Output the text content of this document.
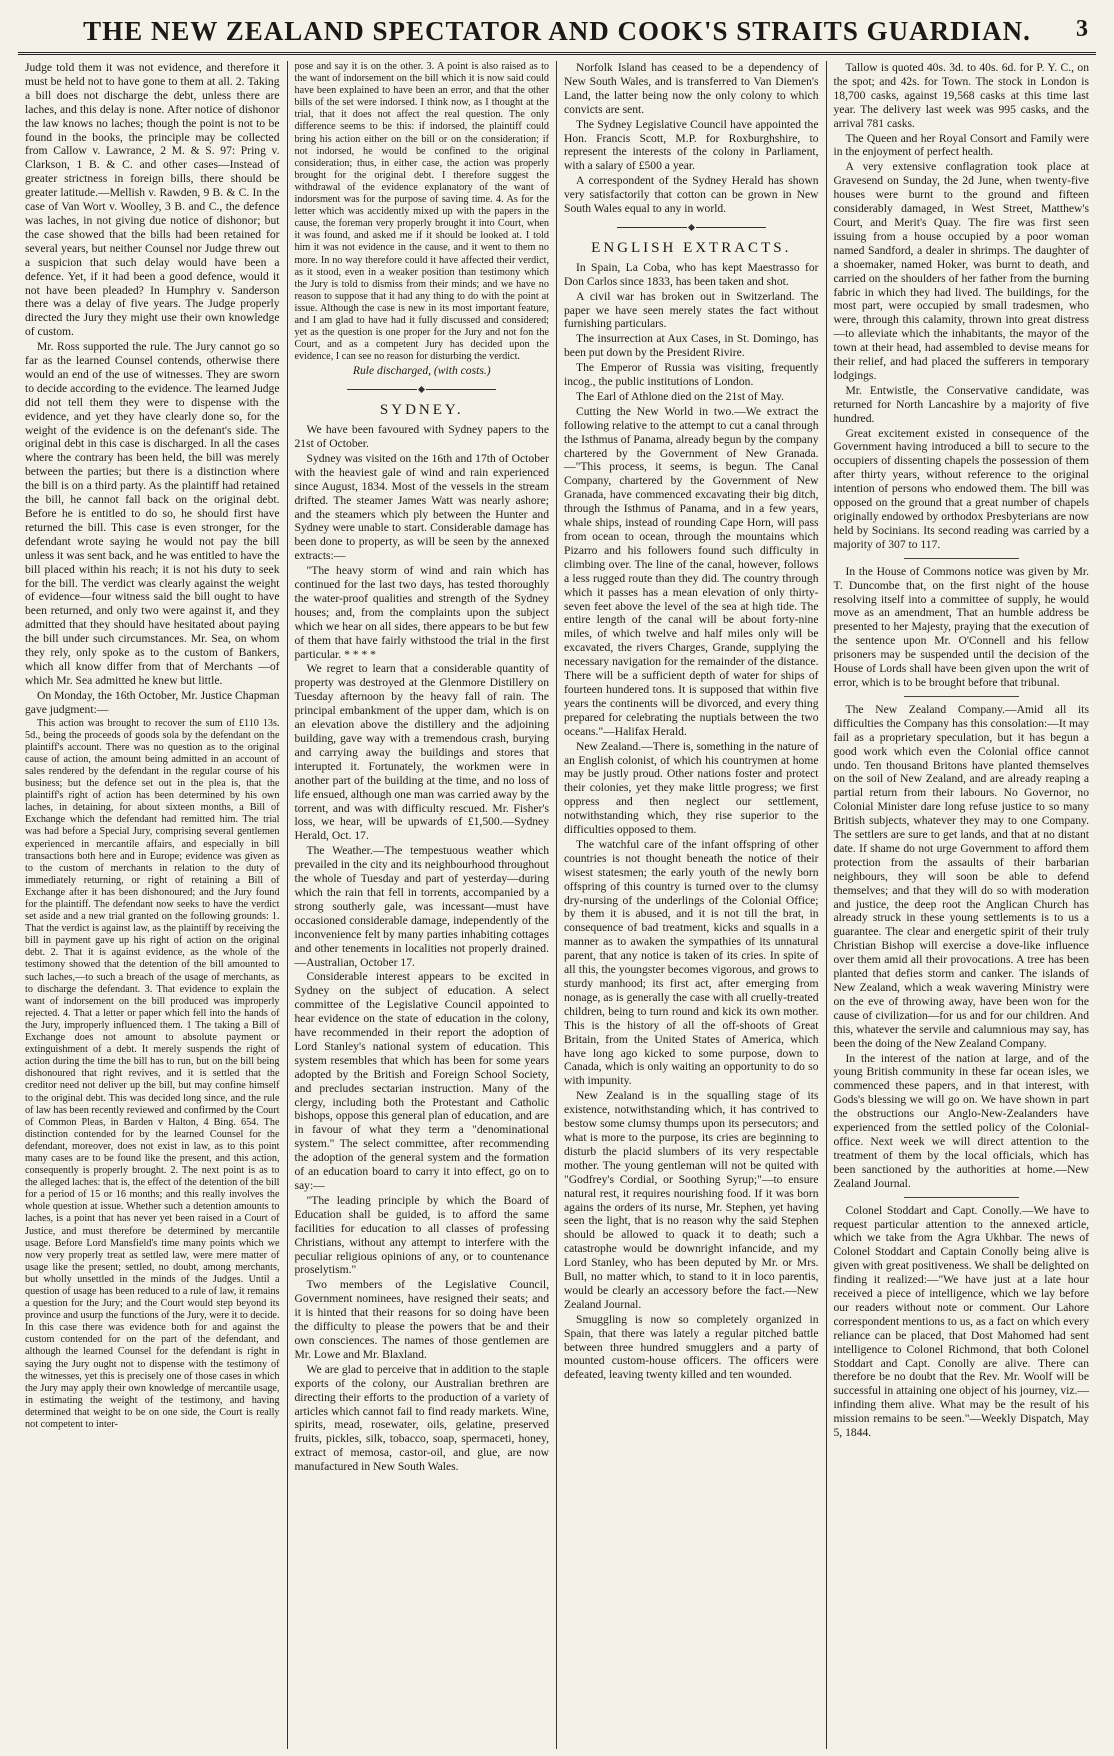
THE NEW ZEALAND SPECTATOR AND COOK'S STRAITS GUARDIAN. 3

Judge told them it was not evidence, and therefore it must be held not to have gone to them at all. 2. Taking a bill does not discharge the debt, unless there are laches, and this delay is none. After notice of dishonor the law knows no laches; though the point is not to be found in the books, the principle may be collected from Callow v. Lawrance, 2 M. & S. 97: Pring v. Clarkson, 1 B. & C. and other cases—Instead of greater strictness in foreign bills, there should be greater latitude.—Mellish v. Rawden, 9 B. & C. In the case of Van Wort v. Woolley, 3 B. and C., the defence was laches, in not giving due notice of dishonor; but the case showed that the bills had been retained for several years, but neither Counsel nor Judge threw out a suspicion that such delay would have been a defence. Yet, if it had been a good defence, would it not have been pleaded? In Humphry v. Sanderson there was a delay of five years. The Judge properly directed the Jury they might use their own knowledge of custom.

Mr. Ross supported the rule. The Jury cannot go so far as the learned Counsel contends, otherwise there would an end of the use of witnesses. They are sworn to decide according to the evidence. The learned Judge did not tell them they were to dispense with the evidence, and yet they have clearly done so, for the weight of the evidence is on the defenant's side. The original debt in this case is discharged. In all the cases where the contrary has been held, the bill was merely between the parties; but there is a distinction where the bill is on a third party. As the plaintiff had retained the bill, he cannot fall back on the original debt. Before he is entitled to do so, he should first have returned the bill. This case is even stronger, for the defendant wrote saying he would not pay the bill unless it was sent back, and he was entitled to have the bill placed within his reach; it is not his duty to seek for the bill. The verdict was clearly against the weight of evidence—four witness said the bill ought to have been returned, and only two were against it, and they admitted that they should have hesitated about paying the bill under such circumstances. Mr. Sea, on whom they rely, only spoke as to the custom of Bankers, which all know differ from that of Merchants —of which Mr. Sea admitted he knew but little.

On Monday, the 16th October, Mr. Justice Chapman gave judgment:—

This action was brought to recover the sum of £110 13s. 5d., being the proceeds of goods sola by the defendant on the plaintiff's account. There was no question as to the original cause of action, the amount being admitted in an account of sales rendered by the defendant in the regular course of his business; but the defence set out in the plea is, that the plaintiff's right of action has been determined by his own laches, in detaining, for about sixteen months, a Bill of Exchange which the defendant had remitted him. The trial was had before a Special Jury, comprising several gentlemen experienced in mercantile affairs, and especially in bill transactions both here and in Europe; evidence was given as to the custom of merchants in relation to the duty of immediately returning, or right of retaining a Bill of Exchange after it has been dishonoured; and the Jury found for the plaintiff. The defendant now seeks to have the verdict set aside and a new trial granted on the following grounds: 1. That the verdict is against law, as the plaintiff by receiving the bill in payment gave up his right of action on the original debt. 2. That it is against evidence, as the whole of the testimony showed that the detention of the bill amounted to such laches,—to such a breach of the usage of merchants, as to discharge the defendant. 3. That evidence to explain the want of indorsement on the bill produced was improperly rejected. 4. That a letter or paper which fell into the hands of the Jury, improperly influenced them. 1 The taking a Bill of Exchange does not amount to absolute payment or extinguishment of a debt. It merely suspends the right of action during the time the bill has to run, but on the bill being dishonoured that right revives, and it is settled that the creditor need not deliver up the bill, but may confine himself to the original debt. This was decided long since, and the rule of law has been recently reviewed and confirmed by the Court of Common Pleas, in Barden v Halton, 4 Bing. 654. The distinction contended for by the learned Counsel for the defendant, moreover, does not exist in law, as to this point many cases are to be found like the present, and this action, consequently is properly brought. 2. The next point is as to the alleged laches: that is, the effect of the detention of the bill for a period of 15 or 16 months; and this really involves the whole question at issue. Whether such a detention amounts to laches, is a point that has never yet been raised in a Court of Justice, and must therefore be determined by mercantile usage. Before Lord Mansfield's time many points which we now very properly treat as settled law, were mere matter of usage like the present; settled, no doubt, among merchants, but wholly unsettled in the minds of the Judges. Until a question of usage has been reduced to a rule of law, it remains a question for the Jury; and the Court would step beyond its province and usurp the functions of the Jury, were it to decide. In this case there was evidence both for and against the custom contended for on the part of the defendant, and although the learned Counsel for the defendant is right in saying the Jury ought not to dispense with the testimony of the witnesses, yet this is precisely one of those cases in which the Jury may apply their own knowledge of mercantile usage, in estimating the weight of the testimony, and having determined that weight to be on one side, the Court is really not competent to inter-

pose and say it is on the other. 3. A point is also raised as to the want of indorsement on the bill which it is now said could have been explained to have been an error, and that the other bills of the set were indorsed. I think now, as I thought at the trial, that it does not affect the real question. The only difference seems to be this: if indorsed, the plaintiff could bring his action either on the bill or on the consideration; if not indorsed, he would be confined to the original consideration; thus, in either case, the action was properly brought for the original debt. I therefore suggest the withdrawal of the evidence explanatory of the want of indorsment was for the purpose of saving time. 4. As for the letter which was accidently mixed up with the papers in the cause, the foreman very properly brought it into Court, when it was found, and asked me if it should be looked at. I told him it was not evidence in the cause, and it went to them no more. In no way therefore could it have affected their verdict, as it stood, even in a weaker position than testimony which the Jury is told to dismiss from their minds; and we have no reason to suppose that it had any thing to do with the point at issue. Although the case is new in its most important feature, and I am glad to have had it fully discussed and considered; yet as the question is one proper for the Jury and not fon the Court, and as a competent Jury has decided upon the evidence, I can see no reason for disturbing the verdict.

Rule discharged, (with costs.)

SYDNEY.

We have been favoured with Sydney papers to the 21st of October.

Sydney was visited on the 16th and 17th of October with the heaviest gale of wind and rain experienced since August, 1834. Most of the vessels in the stream drifted. The steamer James Watt was nearly ashore; and the steamers which ply between the Hunter and Sydney were unable to start. Considerable damage has been done to property, as will be seen by the annexed extracts:—

"The heavy storm of wind and rain which has continued for the last two days, has tested thoroughly the water-proof qualities and strength of the Sydney houses; and, from the complaints upon the subject which we hear on all sides, there appears to be but few of them that have fairly withstood the trial in the first particular. * * * *

We regret to learn that a considerable quantity of property was destroyed at the Glenmore Distillery on Tuesday afternoon by the heavy fall of rain. The principal embankment of the upper dam, which is on an elevation above the distillery and the adjoining building, gave way with a tremendous crash, burying and carrying away the buildings and stores that interupted it. Fortunately, the workmen were in another part of the building at the time, and no loss of life ensued, although one man was carried away by the torrent, and was with difficulty rescued. Mr. Fisher's loss, we hear, will be upwards of £1,500.—Sydney Herald, Oct. 17.

The Weather.—The tempestuous weather which prevailed in the city and its neighbourhood throughout the whole of Tuesday and part of yesterday—during which the rain that fell in torrents, accompanied by a strong southerly gale, was incessant—must have occasioned considerable damage, independently of the inconvenience felt by many parties inhabiting cottages and other tenements in localities not properly drained.—Australian, October 17.

Considerable interest appears to be excited in Sydney on the subject of education. A select committee of the Legislative Council appointed to hear evidence on the state of education in the colony, have recommended in their report the adoption of Lord Stanley's national system of education. This system resembles that which has been for some years adopted by the British and Foreign School Society, and precludes sectarian instruction. Many of the clergy, including both the Protestant and Catholic bishops, oppose this general plan of education, and are in favour of what they term a "denominational system." The select committee, after recommending the adoption of the general system and the formation of an education board to carry it into effect, go on to say:—

"The leading principle by which the Board of Education shall be guided, is to afford the same facilities for education to all classes of professing Christians, without any attempt to interfere with the peculiar religious opinions of any, or to countenance proselytism."

Two members of the Legislative Council, Government nominees, have resigned their seats; and it is hinted that their reasons for so doing have been the difficulty to please the powers that be and their own consciences. The names of those gentlemen are Mr. Lowe and Mr. Blaxland.

We are glad to perceive that in addition to the staple exports of the colony, our Australian brethren are directing their efforts to the production of a variety of articles which cannot fail to find ready markets. Wine, spirits, mead, rosewater, oils, gelatine, preserved fruits, pickles, silk, tobacco, soap, spermaceti, honey, extract of memosa, castor-oil, and glue, are now manufactured in New South Wales.

Norfolk Island has ceased to be a dependency of New South Wales, and is transferred to Van Diemen's Land, the latter being now the only colony to which convicts are sent.

The Sydney Legislative Council have appointed the Hon. Francis Scott, M.P. for Roxburghshire, to represent the interests of the colony in Parliament, with a salary of £500 a year.

A correspondent of the Sydney Herald has shown very satisfactorily that cotton can be grown in New South Wales equal to any in world.

ENGLISH EXTRACTS.

In Spain, La Coba, who has kept Maestrasso for Don Carlos since 1833, has been taken and shot.

A civil war has broken out in Switzerland. The paper we have seen merely states the fact without furnishing particulars.

The insurrection at Aux Cases, in St. Domingo, has been put down by the President Rivire.

The Emperor of Russia was visiting, frequently incog., the public institutions of London.

The Earl of Athlone died on the 21st of May.

Cutting the New World in two.—We extract the following relative to the attempt to cut a canal through the Isthmus of Panama, already begun by the company chartered by the Government of New Granada.—"This process, it seems, is begun. The Canal Company, chartered by the Government of New Granada, have commenced excavating their big ditch, through the Isthmus of Panama, and in a few years, whale ships, instead of rounding Cape Horn, will pass from ocean to ocean, through the mountains which Pizarro and his followers found such difficulty in climbing over. The line of the canal, however, follows a less rugged route than they did. The country through which it passes has a mean elevation of only thirty-seven feet above the level of the sea at high tide. The entire length of the canal will be about forty-nine miles, of which twelve and half miles only will be excavated, the rivers Charges, Grande, supplying the necessary navigation for the remainder of the distance. There will be a sufficient depth of water for ships of fourteen hundered tons. It is supposed that within five years the continents will be divorced, and every thing prepared for celebrating the nuptials between the two oceans."—Halifax Herald.

New Zealand.—There is, something in the nature of an English colonist, of which his countrymen at home may be justly proud. Other nations foster and protect their colonies, yet they make little progress; we first oppress and then neglect our settlement, notwithstanding which, they rise superior to the difficulties opposed to them.

The watchful care of the infant offspring of other countries is not thought beneath the notice of their wisest statesmen; the early youth of the newly born offspring of this country is turned over to the clumsy dry-nursing of the underlings of the Colonial Office; by them it is abused, and it is not till the brat, in consequence of bad treatment, kicks and squalls in a manner as to awaken the sympathies of its unnatural parent, that any notice is taken of its cries. In spite of all this, the youngster becomes vigorous, and grows to sturdy manhood; its first act, after emerging from nonage, as is generally the case with all cruelly-treated children, being to turn round and kick its own mother. This is the history of all the off-shoots of Great Britain, from the United States of America, which have long ago kicked to some purpose, down to Canada, which is only waiting an opportunity to do so with impunity.

New Zealand is in the squalling stage of its existence, notwithstanding which, it has contrived to bestow some clumsy thumps upon its persecutors; and what is more to the purpose, its cries are beginning to disturb the placid slumbers of its very respectable mother. The young gentleman will not be quited with "Godfrey's Cordial, or Soothing Syrup;"—to ensure natural rest, it requires nourishing food. If it was born agains the orders of its nurse, Mr. Stephen, yet having seen the light, that is no reason why the said Stephen should be allowed to quack it to death; such a catastrophe would be downright infancide, and my Lord Stanley, who has been deputed by Mr. or Mrs. Bull, no matter which, to stand to it in loco parentis, would be clearly an accessory before the fact.—New Zealand Journal.

Smuggling is now so completely organized in Spain, that there was lately a regular pitched battle between three hundred smugglers and a party of mounted custom-house officers. The officers were defeated, leaving twenty killed and ten wounded.

Tallow is quoted 40s. 3d. to 40s. 6d. for P. Y. C., on the spot; and 42s. for Town. The stock in London is 18,700 casks, against 19,568 casks at this time last year. The delivery last week was 995 casks, and the arrival 781 casks.

The Queen and her Royal Consort and Family were in the enjoyment of perfect health.

A very extensive conflagration took place at Gravesend on Sunday, the 2d June, when twenty-five houses were burnt to the ground and fifteen considerably damaged, in West Street, Matthew's Court, and Merit's Quay. The fire was first seen issuing from a house occupied by a poor woman named Sandford, a dealer in shrimps. The daughter of a shoemaker, named Hoker, was burnt to death, and carried on the shoulders of her father from the burning fabric in which they had lived. The buildings, for the most part, were occupied by small tradesmen, who were, through this calamity, thrown into great distress—to alleviate which the inhabitants, the mayor of the town at their head, had assembled to devise means for their relief, and had placed the sufferers in temporary lodgings.

Mr. Entwistle, the Conservative candidate, was returned for North Lancashire by a majority of five hundred.

Great excitement existed in consequence of the Government having introduced a bill to secure to the occupiers of dissenting chapels the possession of them after thirty years, without reference to the original intention of persons who endowed them. The bill was opposed on the ground that a great number of chapels originally endowed by orthodox Presbyterians are now held by Socinians. Its second reading was carried by a majority of 307 to 117.

In the House of Commons notice was given by Mr. T. Duncombe that, on the first night of the house resolving itself into a committee of supply, he would move as an amendment, That an humble address be presented to her Majesty, praying that the execution of the sentence upon Mr. O'Connell and his fellow prisoners may be suspended until the decision of the House of Lords shall have been given upon the writ of error, which is to be brought before that tribunal.

The New Zealand Company.—Amid all its difficulties the Company has this consolation:—It may fail as a proprietary speculation, but it has begun a good work which even the Colonial office cannot undo. Ten thousand Britons have planted themselves on the soil of New Zealand, and are already reaping a partial return from their labours. No Governor, no Colonial Minister dare long refuse justice to so many British subjects, whatever they may to one Company. The settlers are sure to get lands, and that at no distant date. If shame do not urge Government to afford them protection from the assaults of their barbarian neighbours, they will soon be able to defend themselves; and that they will do so with moderation and justice, the deep root the Anglican Church has already struck in these young settlements is to us a guarantee. The clear and energetic spirit of their truly Christian Bishop will exercise a dove-like influence over them amid all their provocations. A tree has been planted that defies storm and canker. The islands of New Zealand, which a weak wavering Ministry were on the eve of throwing away, have been won for the cause of civilization—for us and for our children. And this, whatever the servile and calumnious may say, has been the doing of the New Zealand Company.

In the interest of the nation at large, and of the young British community in these far ocean isles, we commenced these papers, and in that interest, with Gods's blessing we will go on. We have shown in part the obstructions our Anglo-New-Zealanders have experienced from the settled policy of the Colonial-office. Next week we will direct attention to the treatment of them by the local officials, which has been sanctioned by the authorities at home.—New Zealand Journal.

Colonel Stoddart and Capt. Conolly.—We have to request particular attention to the annexed article, which we take from the Agra Ukhbar. The news of Colonel Stoddart and Captain Conolly being alive is given with great positiveness. We shall be delighted on finding it realized:—"We have just at a late hour received a piece of intelligence, which we lay before our readers without note or comment. Our Lahore correspondent mentions to us, as a fact on which every reliance can be placed, that Dost Mahomed had sent intelligence to Colonel Richmond, that both Colonel Stoddart and Capt. Conolly are alive. There can therefore be no doubt that the Rev. Mr. Woolf will be successful in attaining one object of his journey, viz.—infinding them alive. What may be the result of his mission remains to be seen."—Weekly Dispatch, May 5, 1844.
